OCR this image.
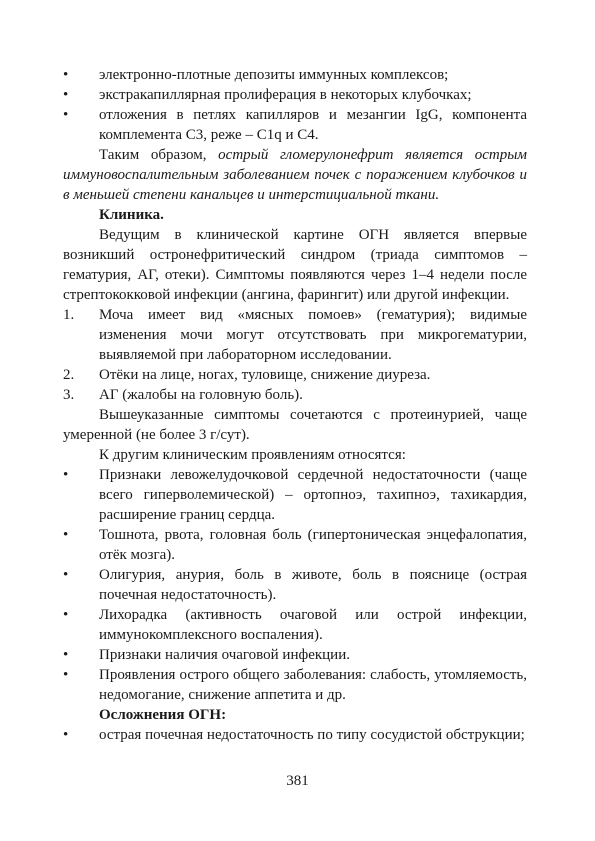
• электронно-плотные депозиты иммунных комплексов;
• экстракапиллярная пролиферация в некоторых клубочках;
• отложения в петлях капилляров и мезангии IgG, компонента комплемента С3, реже – С1q и С4.
Таким образом, острый гломерулонефрит является острым иммуновоспалительным заболеванием почек с поражением клубочков и в меньшей степени канальцев и интерстициальной ткани.
Клиника.
Ведущим в клинической картине ОГН является впервые возникший остронефритический синдром (триада симптомов – гематурия, АГ, отеки). Симптомы появляются через 1–4 недели после стрептококковой инфекции (ангина, фарингит) или другой инфекции.
1. Моча имеет вид «мясных помоев» (гематурия); видимые изменения мочи могут отсутствовать при микрогематурии, выявляемой при лабораторном исследовании.
2. Отёки на лице, ногах, туловище, снижение диуреза.
3. АГ (жалобы на головную боль).
Вышеуказанные симптомы сочетаются с протеинурией, чаще умеренной (не более 3 г/сут).
К другим клиническим проявлениям относятся:
• Признаки левожелудочковой сердечной недостаточности (чаще всего гиперволемической) – ортопноэ, тахипноэ, тахикардия, расширение границ сердца.
• Тошнота, рвота, головная боль (гипертоническая энцефалопатия, отёк мозга).
• Олигурия, анурия, боль в животе, боль в пояснице (острая почечная недостаточность).
• Лихорадка (активность очаговой или острой инфекции, иммунокомплексного воспаления).
• Признаки наличия очаговой инфекции.
• Проявления острого общего заболевания: слабость, утомляемость, недомогание, снижение аппетита и др.
Осложнения ОГН:
• острая почечная недостаточность по типу сосудистой обструкции;
381
